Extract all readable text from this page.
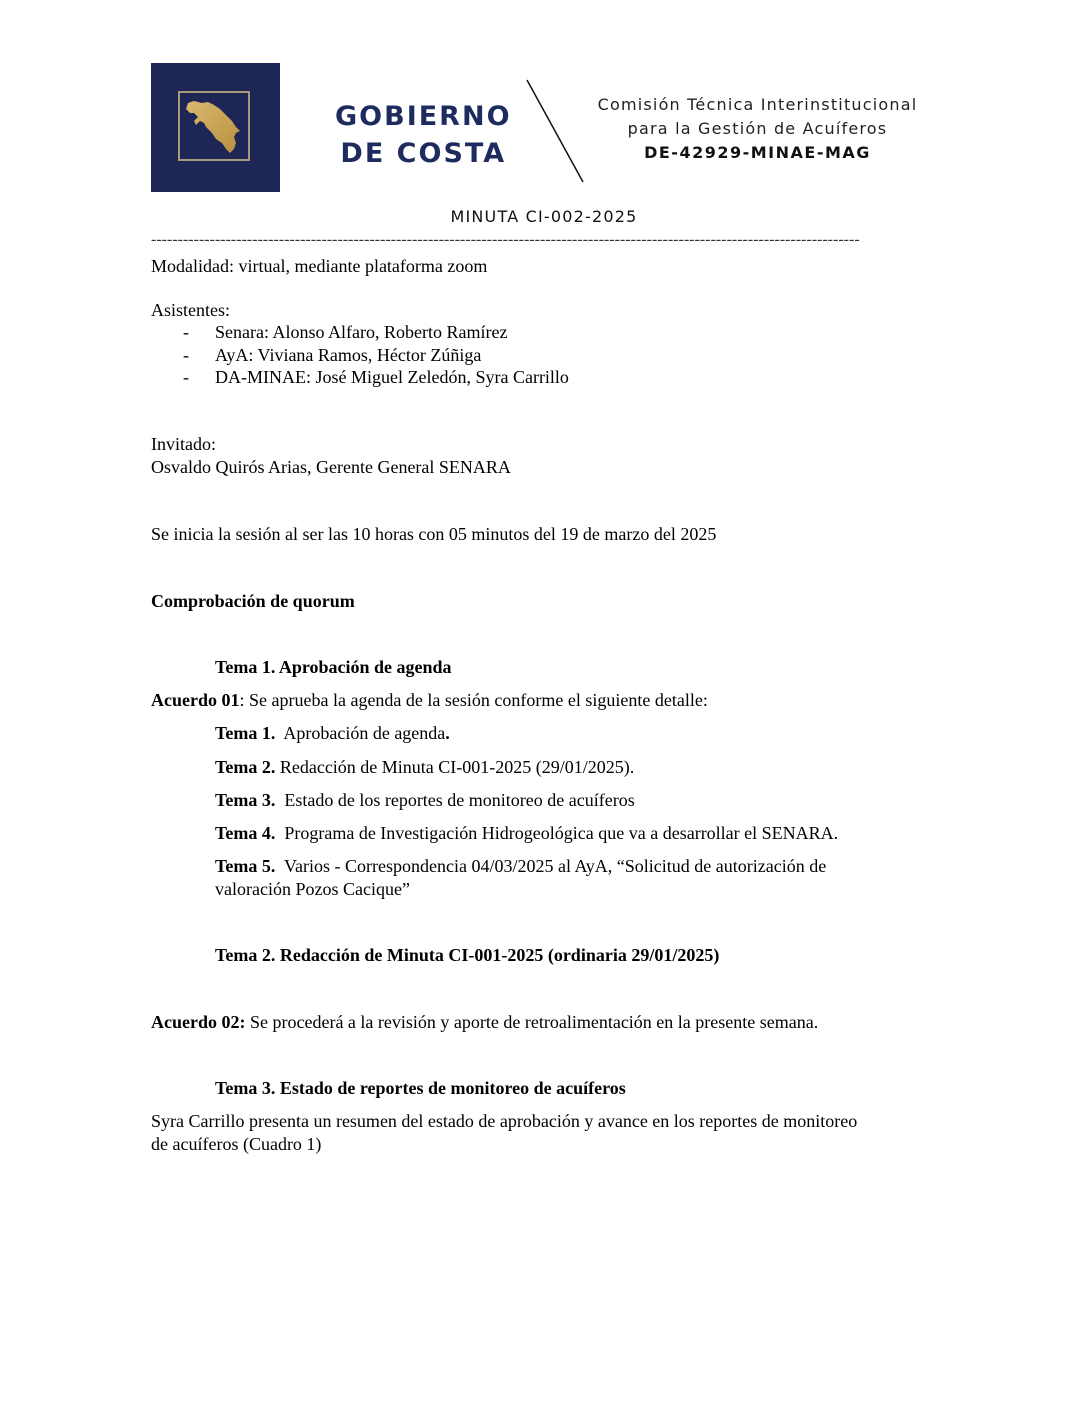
GOBIERNO
DE COSTA
Comisión Técnica Interinstitucional
para la Gestión de Acuíferos
DE-42929-MINAE-MAG
MINUTA CI-002-2025
-------------------------------------------------------------------------------------------------------------------------------------
Modalidad: virtual, mediante plataforma zoom
Asistentes:
-	Senara: Alonso Alfaro, Roberto Ramírez
-	AyA: Viviana Ramos, Héctor Zúñiga
-	DA-MINAE: José Miguel Zeledón, Syra Carrillo
Invitado:
Osvaldo Quirós Arias, Gerente General SENARA
Se inicia la sesión al ser las 10 horas con 05 minutos del 19 de marzo del 2025
Comprobación de quorum
Tema 1. Aprobación de agenda
Acuerdo 01: Se aprueba la agenda de la sesión conforme el siguiente detalle:
Tema 1.  Aprobación de agenda.
Tema 2. Redacción de Minuta CI-001-2025 (29/01/2025).
Tema 3.  Estado de los reportes de monitoreo de acuíferos
Tema 4.  Programa de Investigación Hidrogeológica que va a desarrollar el SENARA.
Tema 5.  Varios - Correspondencia 04/03/2025 al AyA, “Solicitud de autorización de
valoración Pozos Cacique”
Tema 2. Redacción de Minuta CI-001-2025 (ordinaria 29/01/2025)
Acuerdo 02: Se procederá a la revisión y aporte de retroalimentación en la presente semana.
Tema 3. Estado de reportes de monitoreo de acuíferos
Syra Carrillo presenta un resumen del estado de aprobación y avance en los reportes de monitoreo
de acuíferos (Cuadro 1)
